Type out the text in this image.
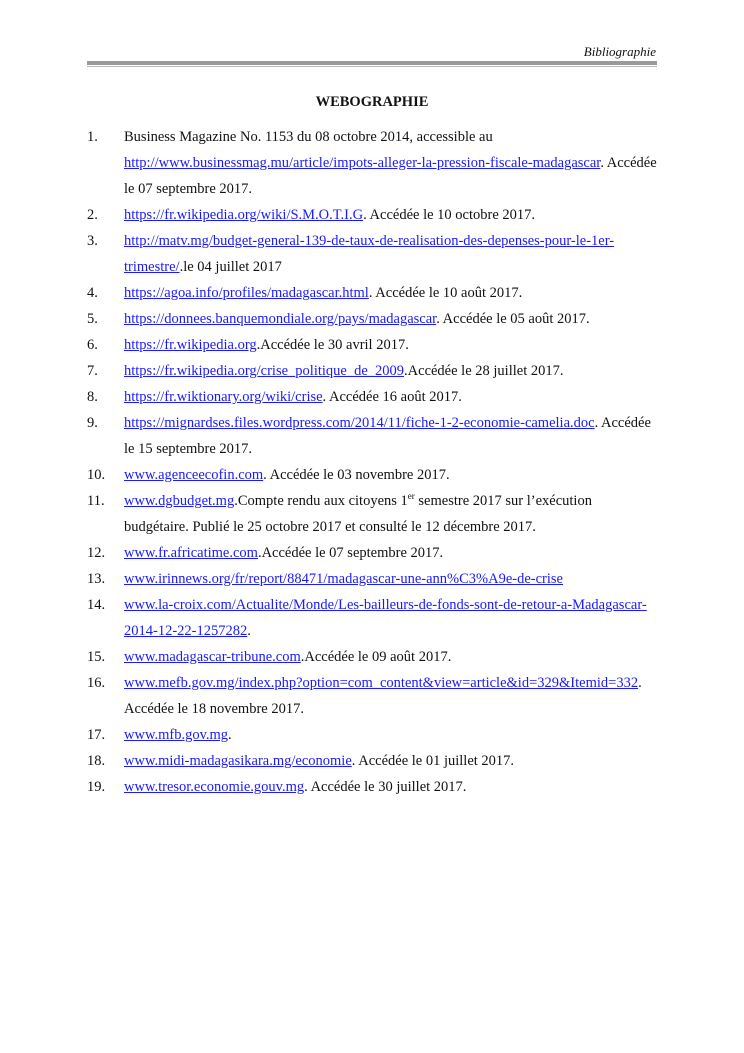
Bibliographie
WEBOGRAPHIE
1. Business Magazine No. 1153 du 08 octobre 2014, accessible au http://www.businessmag.mu/article/impots-alleger-la-pression-fiscale-madagascar. Accédée le 07 septembre 2017.
2. https://fr.wikipedia.org/wiki/S.M.O.T.I.G. Accédée le 10 octobre 2017.
3. http://matv.mg/budget-general-139-de-taux-de-realisation-des-depenses-pour-le-1er-trimestre/.le 04 juillet 2017
4. https://agoa.info/profiles/madagascar.html. Accédée le 10 août 2017.
5. https://donnees.banquemondiale.org/pays/madagascar. Accédée le 05 août 2017.
6. https://fr.wikipedia.org.Accédée le 30 avril 2017.
7. https://fr.wikipedia.org/crise_politique_de_2009.Accédée le 28 juillet 2017.
8. https://fr.wiktionary.org/wiki/crise. Accédée 16 août 2017.
9. https://mignardses.files.wordpress.com/2014/11/fiche-1-2-economie-camelia.doc. Accédée le 15 septembre 2017.
10. www.agenceecofin.com. Accédée le 03 novembre 2017.
11. www.dgbudget.mg.Compte rendu aux citoyens 1er semestre 2017 sur l’exécution budgétaire. Publié le 25 octobre 2017 et consulté le 12 décembre 2017.
12. www.fr.africatime.com.Accédée le 07 septembre 2017.
13. www.irinnews.org/fr/report/88471/madagascar-une-ann%C3%A9e-de-crise
14. www.la-croix.com/Actualite/Monde/Les-bailleurs-de-fonds-sont-de-retour-a-Madagascar-2014-12-22-1257282.
15. www.madagascar-tribune.com.Accédée le 09 août 2017.
16. www.mefb.gov.mg/index.php?option=com_content&view=article&id=329&Itemid=332. Accédée le 18 novembre 2017.
17. www.mfb.gov.mg.
18. www.midi-madagasikara.mg/economie. Accédée le 01 juillet 2017.
19. www.tresor.economie.gouv.mg. Accédée le 30 juillet 2017.
